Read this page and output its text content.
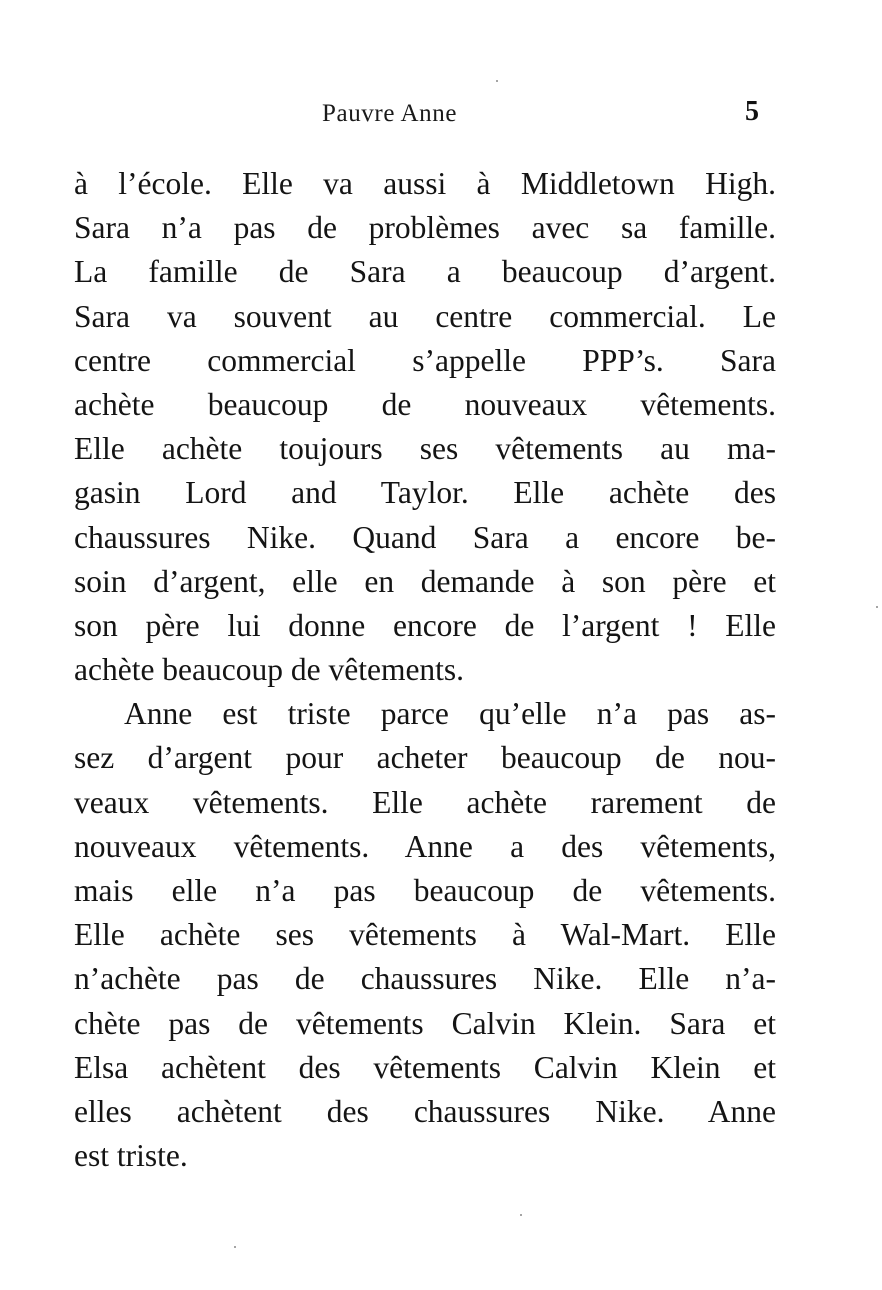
Pauvre Anne	5
à l’école. Elle va aussi à Middletown High.
Sara n’a pas de problèmes avec sa famille.
La famille de Sara a beaucoup d’argent.
Sara va souvent au centre commercial. Le
centre commercial s’appelle PPP’s. Sara
achète beaucoup de nouveaux vêtements.
Elle achète toujours ses vêtements au ma-
gasin Lord and Taylor. Elle achète des
chaussures Nike. Quand Sara a encore be-
soin d’argent, elle en demande à son père et
son père lui donne encore de l’argent ! Elle
achète beaucoup de vêtements.
Anne est triste parce qu’elle n’a pas as-
sez d’argent pour acheter beaucoup de nou-
veaux vêtements. Elle achète rarement de
nouveaux vêtements. Anne a des vêtements,
mais elle n’a pas beaucoup de vêtements.
Elle achète ses vêtements à Wal-Mart. Elle
n’achète pas de chaussures Nike. Elle n’a-
chète pas de vêtements Calvin Klein. Sara et
Elsa achètent des vêtements Calvin Klein et
elles achètent des chaussures Nike. Anne
est triste.
